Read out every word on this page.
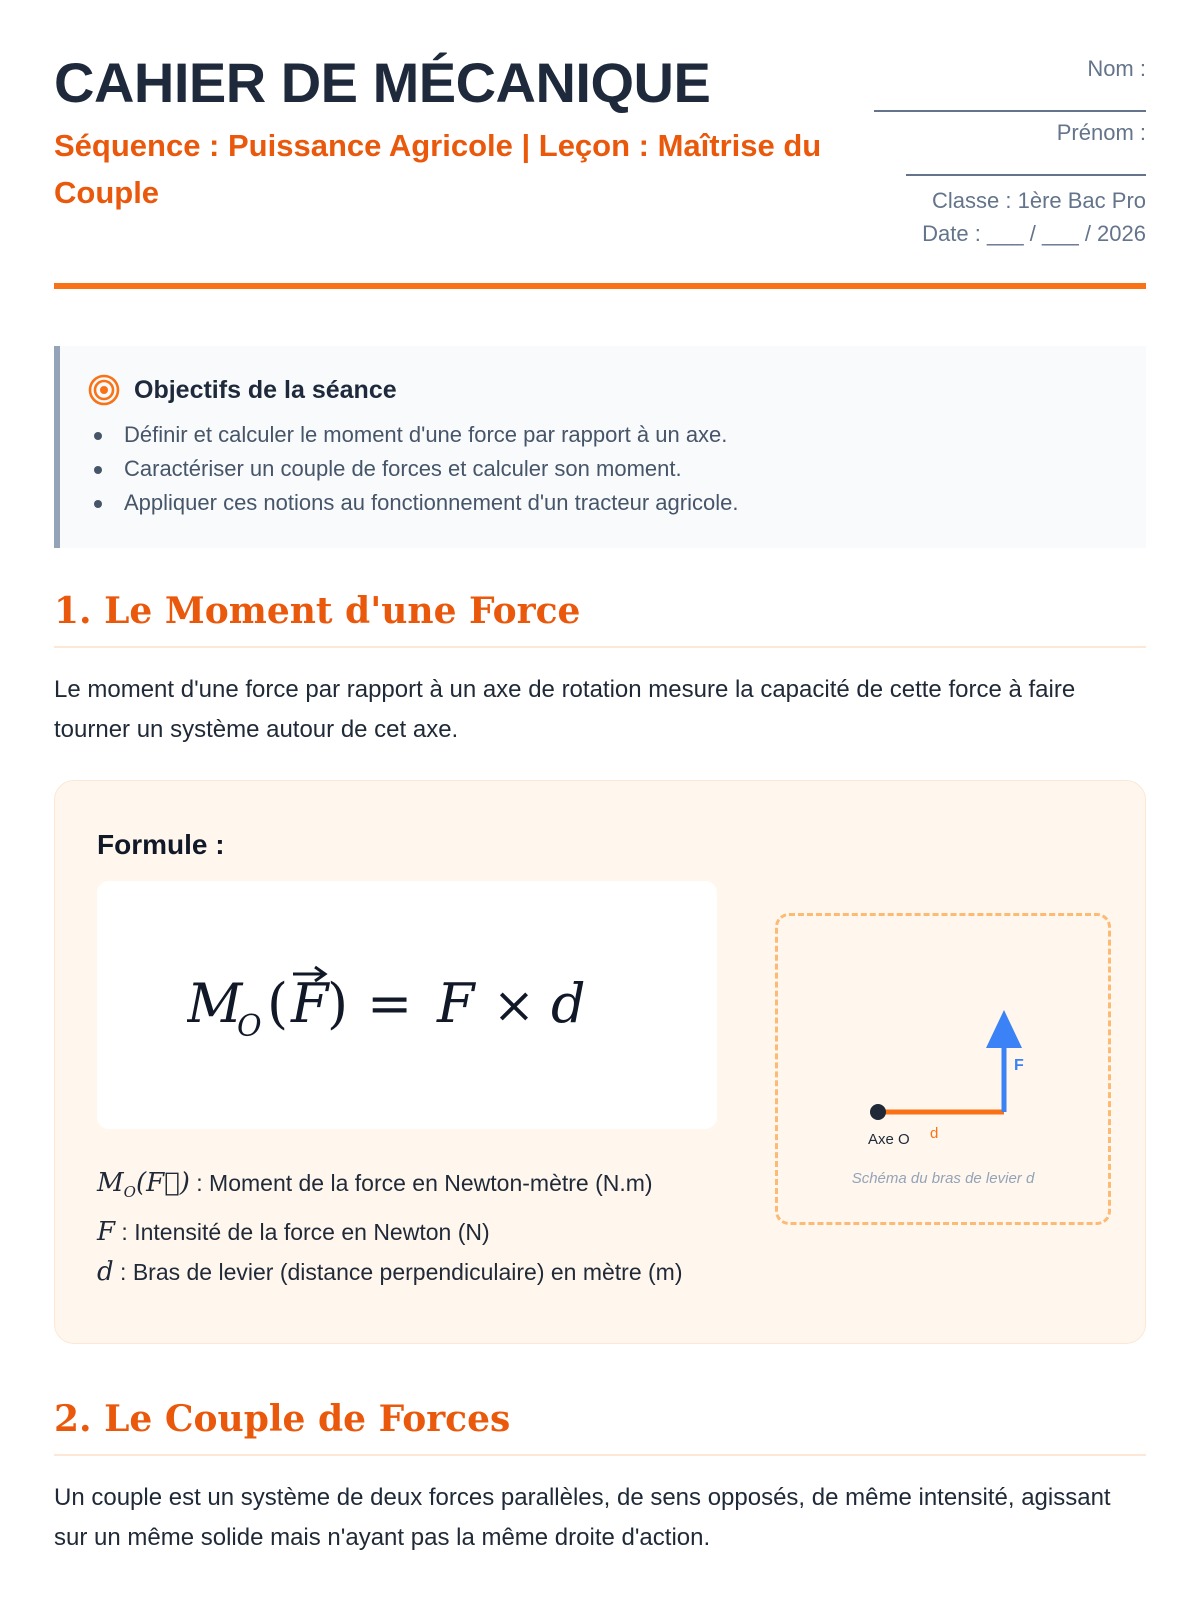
CAHIER DE MÉCANIQUE
Séquence : Puissance Agricole | Leçon : Maîtrise du Couple
Nom :
Prénom :
Classe : 1ère Bac Pro
Date : ___ / ___ / 2026
Objectifs de la séance
Définir et calculer le moment d'une force par rapport à un axe.
Caractériser un couple de forces et calculer son moment.
Appliquer ces notions au fonctionnement d'un tracteur agricole.
1. Le Moment d'une Force

Le moment d'une force par rapport à un axe de rotation mesure la capacité de cette force à faire tourner un système autour de cet axe.

Formule :
M
O ( F
) = F × d
$M_O(F⃗)$ : Moment de la force en Newton-mètre (N.m)
F : Intensité de la force en Newton (N)
d : Bras de levier (distance perpendiculaire) en mètre (m)
Axe O d
F
Schéma du bras de levier d
2. Le Couple de Forces

Un couple est un système de deux forces parallèles, de sens opposés, de même intensité, agissant sur un même solide mais n'ayant pas la même droite d'action.
